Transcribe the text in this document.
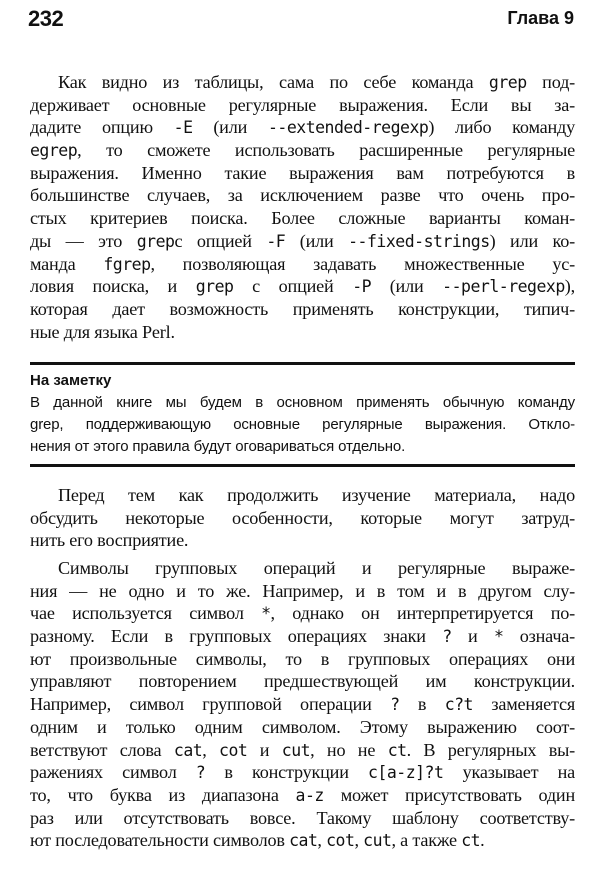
232	Глава 9
Как видно из таблицы, сама по себе команда grep под-
держивает основные регулярные выражения. Если вы за-
дадите опцию -E (или --extended-regexp) либо команду
egrep, то сможете использовать расширенные регулярные
выражения. Именно такие выражения вам потребуются в
большинстве случаев, за исключением разве что очень про-
стых критериев поиска. Более сложные варианты коман-
ды — это grepс опцией -F (или --fixed-strings) или ко-
манда fgrep, позволяющая задавать множественные ус-
ловия поиска, и grep с опцией -P (или --perl-regexp),
которая дает возможность применять конструкции, типич-
ные для языка Perl.
На заметку
В данной книге мы будем в основном применять обычную команду
grep, поддерживающую основные регулярные выражения. Откло-
нения от этого правила будут оговариваться отдельно.
Перед тем как продолжить изучение материала, надо
обсудить некоторые особенности, которые могут затруд-
нить его восприятие.
Символы групповых операций и регулярные выраже-
ния — не одно и то же. Например, и в том и в другом слу-
чае используется символ *, однако он интерпретируется по-
разному. Если в групповых операциях знаки ? и * означа-
ют произвольные символы, то в групповых операциях они
управляют повторением предшествующей им конструкции.
Например, символ групповой операции ? в c?t заменяется
одним и только одним символом. Этому выражению соот-
ветствуют слова cat, cot и cut, но не ct. В регулярных вы-
ражениях символ ? в конструкции c[a-z]?t указывает на
то, что буква из диапазона a-z может присутствовать один
раз или отсутствовать вовсе. Такому шаблону соответству-
ют последовательности символов cat, cot, cut, а также ct.
